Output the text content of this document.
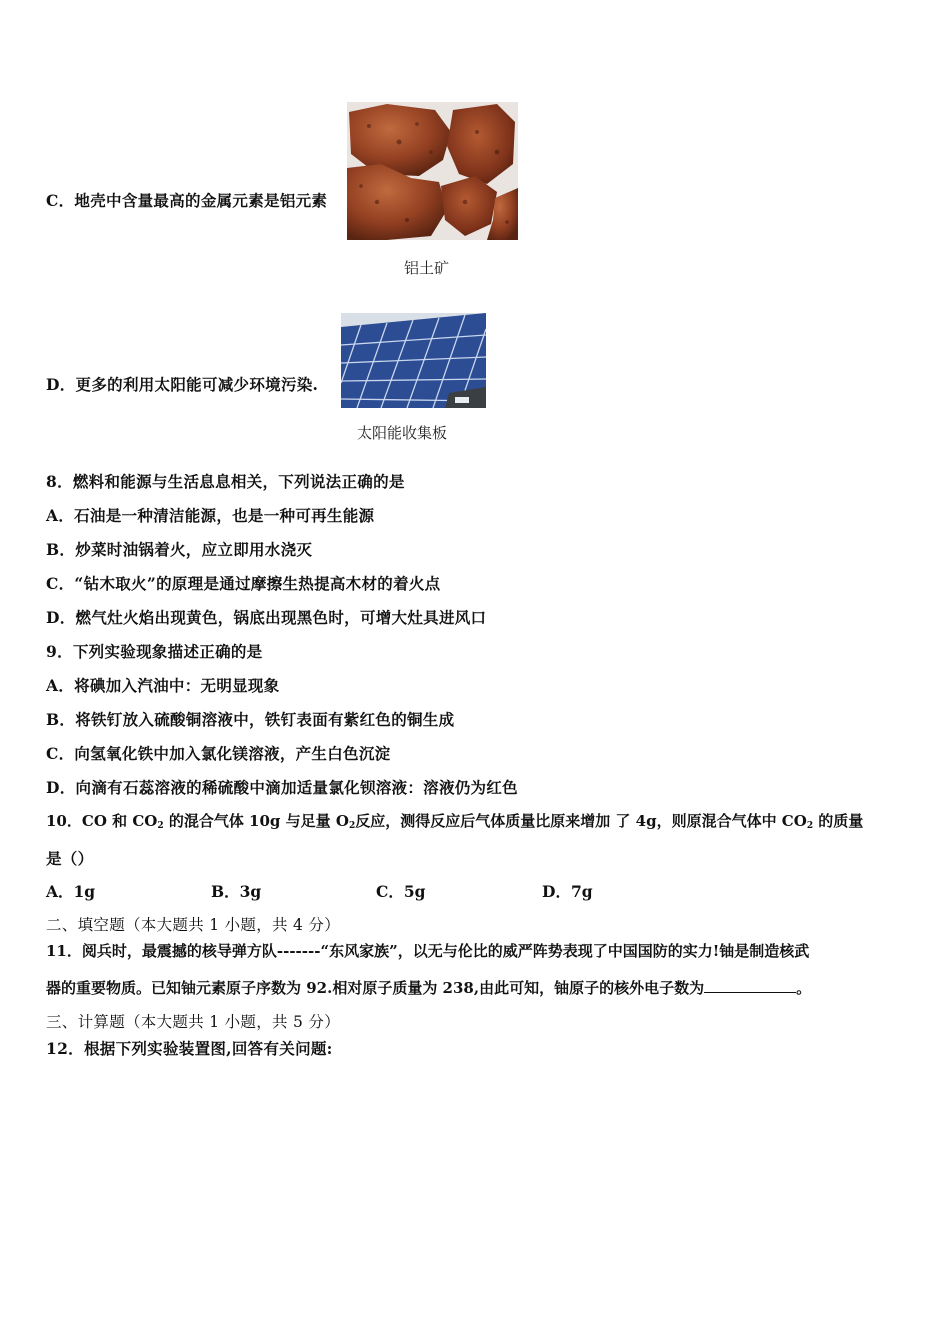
C．地壳中含量最高的金属元素是铝元素
铝土矿
D．更多的利用太阳能可减少环境污染.
太阳能收集板
8．燃料和能源与生活息息相关，下列说法正确的是
A．石油是一种清洁能源，也是一种可再生能源
B．炒菜时油锅着火，应立即用水浇灭
C．“钻木取火”的原理是通过摩擦生热提高木材的着火点
D．燃气灶火焰出现黄色，锅底出现黑色时，可增大灶具进风口
9．下列实验现象描述正确的是
A．将碘加入汽油中：无明显现象
B．将铁钉放入硫酸铜溶液中，铁钉表面有紫红色的铜生成
C．向氢氧化铁中加入氯化镁溶液，产生白色沉淀
D．向滴有石蕊溶液的稀硫酸中滴加适量氯化钡溶液：溶液仍为红色
10．CO 和 $CO_2$ 的混合气体 10g 与足量 $O_2$反应，测得反应后气体质量比原来增加 了 4g，则原混合气体中 $CO_2$ 的质量
是（）
A．1g	B．3g	C．5g	D．7g
二、填空题（本大题共 1 小题，共 4 分）
11．阅兵时，最震撼的核导弹方队-------“东风家族”，以无与伦比的威严阵势表现了中国国防的实力!铀是制造核武
器的重要物质。已知铀元素原子序数为 92.相对原子质量为 238,由此可知，铀原子的核外电子数为	。
三、计算题（本大题共 1 小题，共 5 分）
12．根据下列实验装置图,回答有关问题:
